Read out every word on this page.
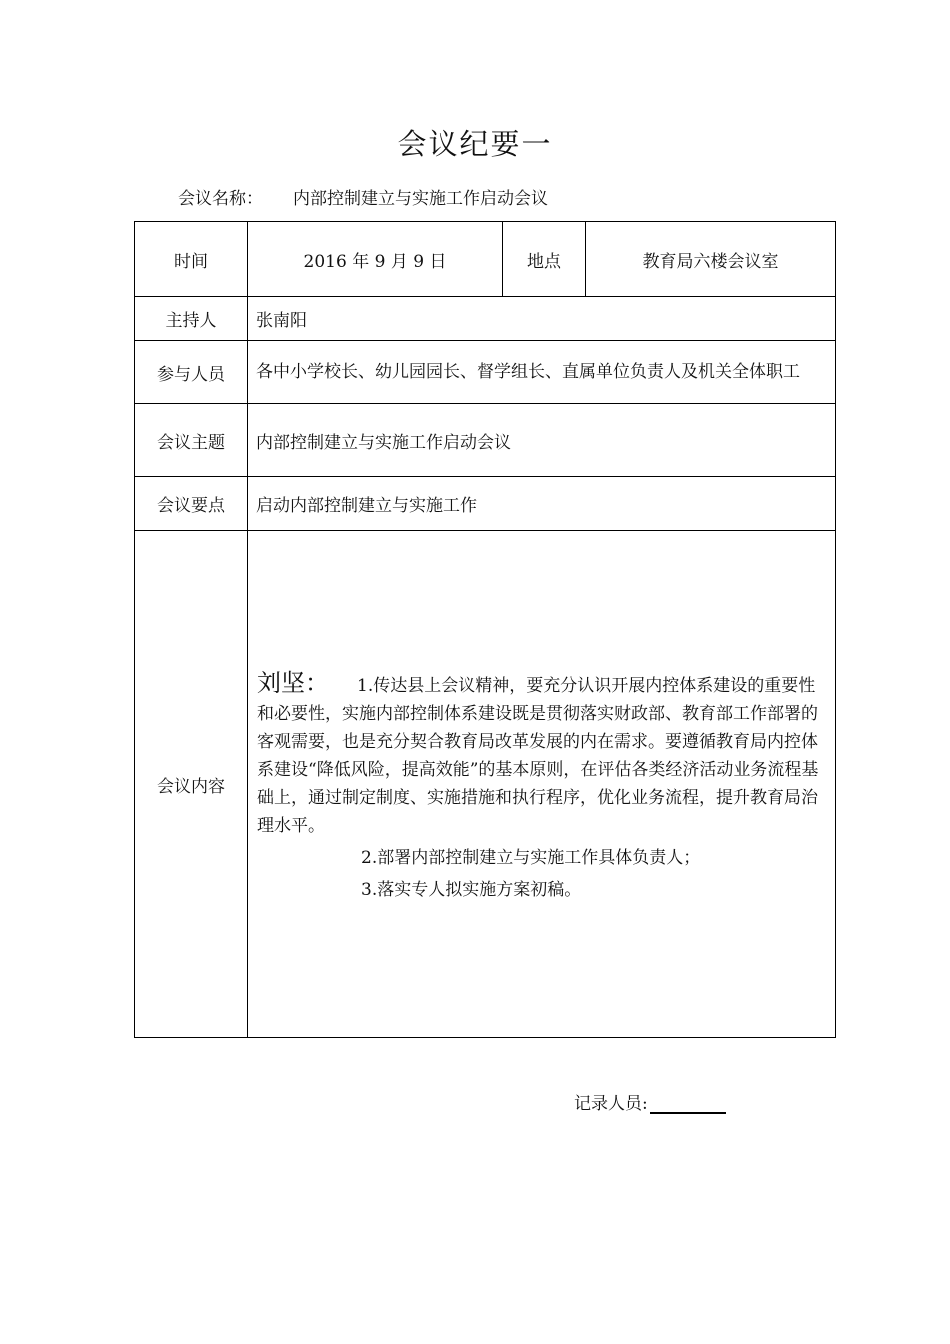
会议纪要一
会议名称： 内部控制建立与实施工作启动会议
时间	2016 年 9 月 9 日	地点	教育局六楼会议室
主持人	张南阳		
参与人员	各中小学校长、幼儿园园长、督学组长、直属单位负责人及机关全体职工		
会议主题	内部控制建立与实施工作启动会议		
会议要点	启动内部控制建立与实施工作		
会议内容	刘坚： 1.传达县上会议精神，要充分认识开展内控体系建设的重要性和必要性，实施内部控制体系建设既是贯彻落实财政部、教育部工作部署的客观需要，也是充分契合教育局改革发展的内在需求。要遵循教育局内控体系建设“降低风险，提高效能”的基本原则，在评估各类经济活动业务流程基础上，通过制定制度、实施措施和执行程序，优化业务流程，提升教育局治理水平。
2.部署内部控制建立与实施工作具体负责人；
3.落实专人拟实施方案初稿。		
记录人员:
